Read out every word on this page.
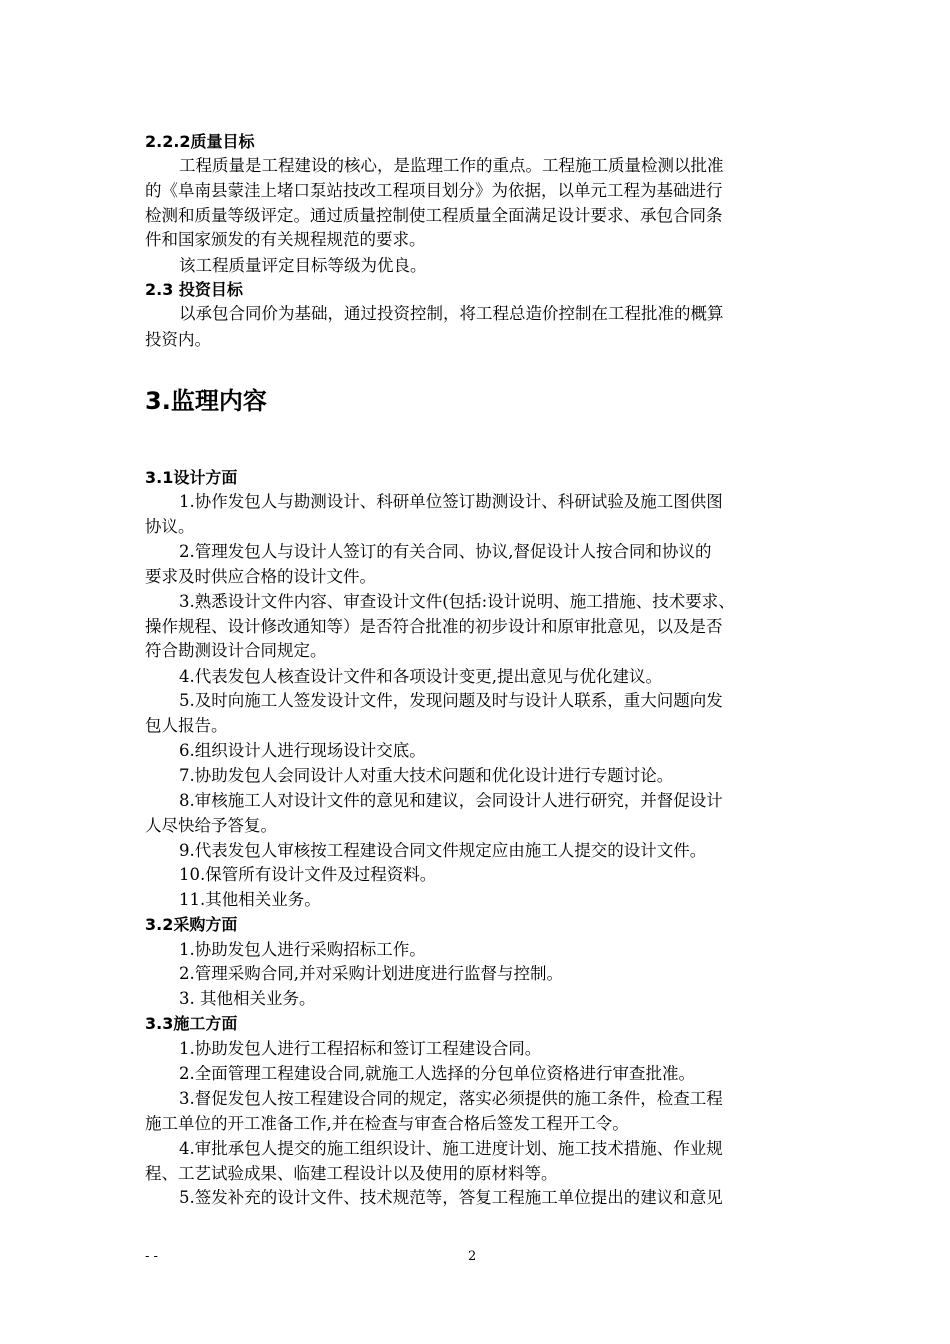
2.2.2质量目标
工程质量是工程建设的核心，是监理工作的重点。工程施工质量检测以批准
的《阜南县蒙洼上堵口泵站技改工程项目划分》为依据，以单元工程为基础进行
检测和质量等级评定。通过质量控制使工程质量全面满足设计要求、承包合同条
件和国家颁发的有关规程规范的要求。
该工程质量评定目标等级为优良。
2.3 投资目标
以承包合同价为基础，通过投资控制，将工程总造价控制在工程批准的概算
投资内。
3.监理内容
3.1设计方面
1.协作发包人与勘测设计、科研单位签订勘测设计、科研试验及施工图供图
协议。
2.管理发包人与设计人签订的有关合同、协议,督促设计人按合同和协议的
要求及时供应合格的设计文件。
3.熟悉设计文件内容、审查设计文件(包括:设计说明、施工措施、技术要求、
操作规程、设计修改通知等）是否符合批准的初步设计和原审批意见，以及是否
符合勘测设计合同规定。
4.代表发包人核查设计文件和各项设计变更,提出意见与优化建议。
5.及时向施工人签发设计文件，发现问题及时与设计人联系，重大问题向发
包人报告。
6.组织设计人进行现场设计交底。
7.协助发包人会同设计人对重大技术问题和优化设计进行专题讨论。
8.审核施工人对设计文件的意见和建议，会同设计人进行研究，并督促设计
人尽快给予答复。
9.代表发包人审核按工程建设合同文件规定应由施工人提交的设计文件。
10.保管所有设计文件及过程资料。
11.其他相关业务。
3.2采购方面
1.协助发包人进行采购招标工作。
2.管理采购合同,并对采购计划进度进行监督与控制。
3. 其他相关业务。
3.3施工方面
1.协助发包人进行工程招标和签订工程建设合同。
2.全面管理工程建设合同,就施工人选择的分包单位资格进行审查批准。
3.督促发包人按工程建设合同的规定，落实必须提供的施工条件，检查工程
施工单位的开工准备工作,并在检查与审查合格后签发工程开工令。
4.审批承包人提交的施工组织设计、施工进度计划、施工技术措施、作业规
程、工艺试验成果、临建工程设计以及使用的原材料等。
5.签发补充的设计文件、技术规范等，答复工程施工单位提出的建议和意见
- -	2
